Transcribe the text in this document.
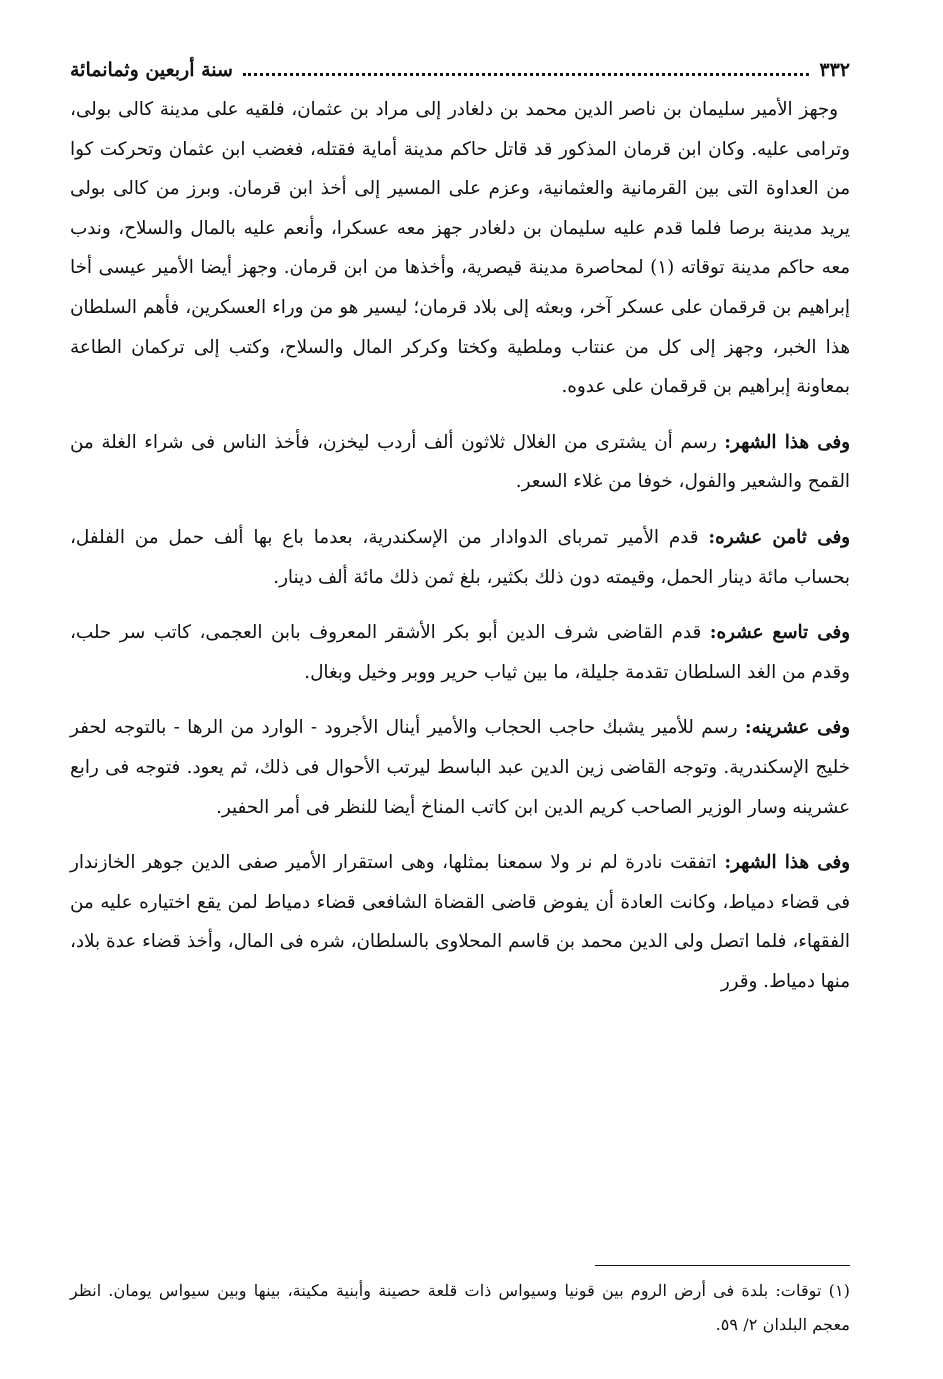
٣٣٢
سنة أربعين وثمانمائة

وجهز الأمير سليمان بن ناصر الدين محمد بن دلغادر إلى مراد بن عثمان، فلقيه على مدينة كالى بولى، وترامى عليه. وكان ابن قرمان المذكور قد قاتل حاكم مدينة أماية فقتله، فغضب ابن عثمان وتحركت كوا من العداوة التى بين القرمانية والعثمانية، وعزم على المسير إلى أخذ ابن قرمان. وبرز من كالى بولى يريد مدينة برصا فلما قدم عليه سليمان بن دلغادر جهز معه عسكرا، وأنعم عليه بالمال والسلاح، وندب معه حاكم مدينة توقاته (١) لمحاصرة مدينة قيصرية، وأخذها من ابن قرمان. وجهز أيضا الأمير عيسى أخا إبراهيم بن قرقمان على عسكر آخر، وبعثه إلى بلاد قرمان؛ ليسير هو من وراء العسكرين، فأهم السلطان هذا الخبر، وجهز إلى كل من عنتاب وملطية وكختا وكركر المال والسلاح، وكتب إلى تركمان الطاعة بمعاونة إبراهيم بن قرقمان على عدوه.

وفى هذا الشهر: رسم أن يشترى من الغلال ثلاثون ألف أردب ليخزن، فأخذ الناس فى شراء الغلة من القمح والشعير والفول، خوفا من غلاء السعر.

وفى ثامن عشره: قدم الأمير تمرباى الدوادار من الإسكندرية، بعدما باع بها ألف حمل من الفلفل، بحساب مائة دينار الحمل، وقيمته دون ذلك بكثير، بلغ ثمن ذلك مائة ألف دينار.

وفى تاسع عشره: قدم القاضى شرف الدين أبو بكر الأشقر المعروف بابن العجمى، كاتب سر حلب، وقدم من الغد السلطان تقدمة جليلة، ما بين ثياب حرير ووبر وخيل وبغال.

وفى عشرينه: رسم للأمير يشبك حاجب الحجاب والأمير أينال الأجرود - الوارد من الرها - بالتوجه لحفر خليج الإسكندرية. وتوجه القاضى زين الدين عبد الباسط ليرتب الأحوال فى ذلك، ثم يعود. فتوجه فى رابع عشرينه وسار الوزير الصاحب كريم الدين ابن كاتب المناخ أيضا للنظر فى أمر الحفير.

وفى هذا الشهر: اتفقت نادرة لم نر ولا سمعنا بمثلها، وهى استقرار الأمير صفى الدين جوهر الخازندار فى قضاء دمياط، وكانت العادة أن يفوض قاضى القضاة الشافعى قضاء دمياط لمن يقع اختياره عليه من الفقهاء، فلما اتصل ولى الدين محمد بن قاسم المحلاوى بالسلطان، شره فى المال، وأخذ قضاء عدة بلاد، منها دمياط. وقرر

(١) توقات: بلدة فى أرض الروم بين قونيا وسيواس ذات قلعة حصينة وأبنية مكينة، بينها وبين سيواس يومان. انظر معجم البلدان ٢/ ٥٩.
